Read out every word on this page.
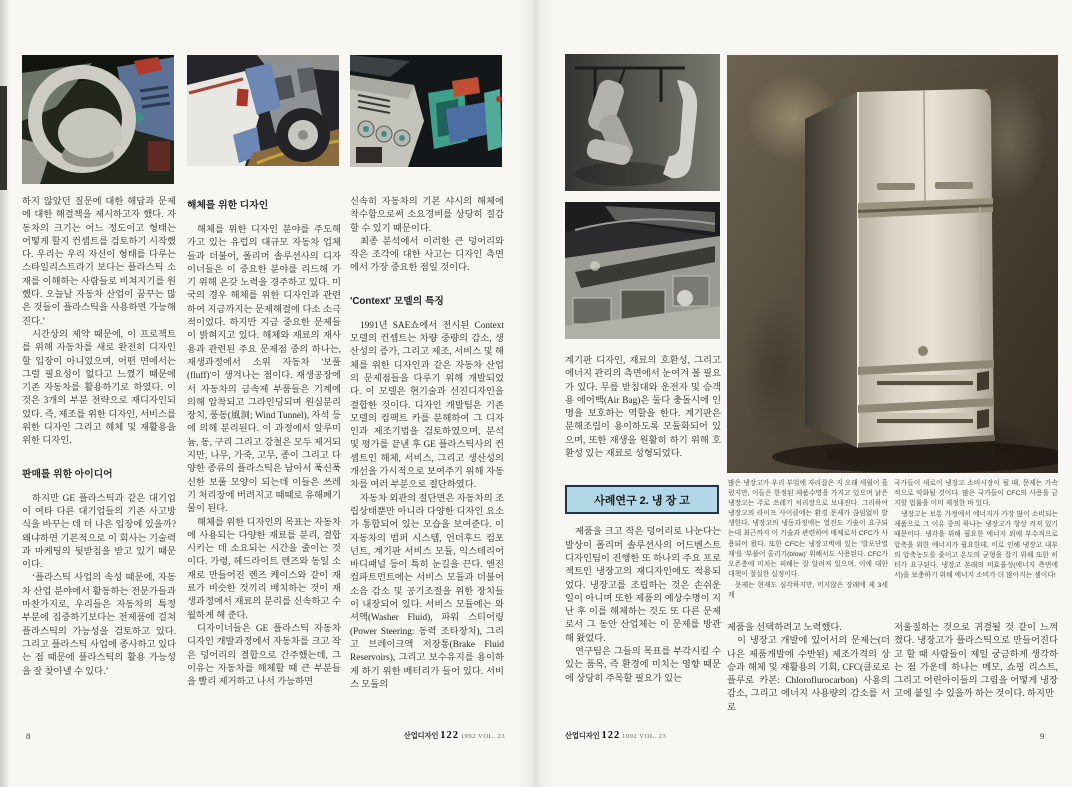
하지 않았던 질문에 대한 해답과 문제에 대한 해결책을 제시하고자 했다. 자동차의 크기는 어느 정도이고 형태는 어떻게 할지 컨셉트를 검토하기 시작했다. 우리는 우리 자신이 형태를 다루는 스타일리스트라기 보다는 플라스틱 소재를 이해하는 사람들로 비쳐지기를 원했다. 오늘날 자동차 산업이 꿈꾸는 많은 것들이 플라스틱을 사용하면 가능해진다.’

시간상의 제약 때문에, 이 프로젝트를 위해 자동차를 새로 완전히 디자인할 입장이 아니었으며, 어떤 면에서는 그럴 필요성이 없다고 느꼈기 때문에 기존 자동차를 활용하기로 하였다. 이것은 3개의 부분 전략으로 재디자인되었다. 즉, 제조를 위한 디자인, 서비스를 위한 디자인 그리고 해체 및 재활용을 위한 디자인.

판매를 위한 아이디어

하지만 GE 플라스틱과 같은 대기업이 여타 다른 대기업들의 기존 사고방식을 바꾸는 데 더 나은 입장에 있을까? 왜냐하면 기본적으로 이 회사는 기술력과 마케팅의 뒷받침을 받고 있기 때문이다.

‘플라스틱 사업의 속성 때문에, 자동차 산업 분야에서 활동하는 전문가들과 마찬가지로, 우리들은 자동차의 특정 부분에 집중하기보다는 전제품에 걸쳐 플라스틱의 가능성을 검토하고 있다. 그리고 플라스틱 사업에 종사하고 있다는 점 때문에 플라스틱의 활용 가능성을 잘 찾아낼 수 있다.’

해체를 위한 디자인

해체를 위한 디자인 분야를 주도해 가고 있는 유럽의 대규모 자동차 업체들과 더불어, 폴리머 솔루션사의 디자이너들은 이 중요한 분야를 리드해 가기 위해 온갖 노력을 경주하고 있다. 미국의 경우 해체를 위한 디자인과 관련하여 지금까지는 문제해결에 다소 소극적이었다. 하지만 지금 중요한 문제들이 밝혀지고 있다. 해체와 재료의 재사용과 관련된 주요 문제점 중의 하나는, 재생과정에서 소위 자동차 '보풀(fluff)'이 생겨나는 점이다. 재생공장에서 자동차의 금속제 부품들은 기계에 의해 압착되고 그라인딩되며 원심분리장치, 풍동(風洞; Wind Tunnel), 자석 등에 의해 분리된다. 이 과정에서 알루미늄, 동, 구리 그리고 강철은 모두 제거되지만, 나무, 가죽, 고무, 종이 그리고 다양한 종류의 플라스틱은 남아서 푹신푹신한 보풀 모양이 되는데 이들은 쓰레기 처리장에 버려지고 때때로 유해폐기물이 된다.

해체를 위한 디자인의 목표는 자동차에 사용되는 다양한 재료를 분리, 결합시키는 데 소요되는 시간을 줄이는 것이다. 가령, 헤드라이트 렌즈와 동일 소재로 만들어진 렌즈 케이스와 같이 재료가 비슷한 것끼리 배치하는 것이 재생과정에서 재료의 분리를 신속하고 수월하게 해 준다.

디자이너들은 GE 플라스틱 자동차 디자인 개발과정에서 자동차를 크고 작은 덩어리의 결합으로 간주했는데, 그 이유는 자동차를 해체할 때 큰 부분들을 빨리 제거하고 나서 가능하면

신속히 자동차의 기본 샤시의 해체에 착수함으로써 소요경비를 상당히 절감할 수 있기 때문이다.

최종 분석에서 이러한 큰 덩어리와 작은 조각에 대한 사고는 디자인 측면에서 가장 중요한 점일 것이다.

'Context' 모델의 특징

1991년 SAE쇼에서 전시된 Context 모델의 컨셉트는 차량 중량의 감소, 생산성의 증가, 그리고 제조, 서비스 및 해체를 위한 디자인과 같은 자동차 산업의 문제점들을 다루기 위해 개발되었다. 이 모델은 현기술과 선진디자인을 결합한 것이다. 디자인 개발팀은 기존 모델의 컴팩트 카를 분해하여 그 디자인과 제조기법을 검토하였으며, 분석 및 평가를 끝낸 후 GE 플라스틱사의 컨셉트인 해체, 서비스, 그리고 생산성의 개선을 가시적으로 보여주기 위해 자동차를 여러 부분으로 절단하였다.

자동차 외관의 절단면은 자동차의 조립상태뿐만 아니라 다양한 디자인 요소가 통합되어 있는 모습을 보여준다. 이 자동차의 범퍼 시스템, 언더후드 컴포넌트, 계기판 서비스 모듈, 익스테리어 바디패널 등이 특히 눈길을 끈다. 엔진 컴파트먼트에는 서비스 모듈과 더불어 소음 감소 및 공기조절을 위한 장치들이 내장되어 있다. 서비스 모듈에는 와셔액(Washer Fluid), 파워 스티어링(Power Steering: 동력 조타장치), 그리고 브레이크액 저장통(Brake Fluid Reservoirs), 그리고 보수유지를 용이하게 하기 위한 배터리가 들어 있다. 서비스 모듈의

8	산업디자인 122 1992 VOL. 23

계기판 디자인, 재료의 호환성, 그리고 에너지 관리의 측면에서 눈여겨 볼 필요가 있다. 무릎 받침대와 운전자 및 승객용 에어백(Air Bag)은 둘다 충돌시에 인명을 보호하는 역할을 한다. 계기판은 분해조립이 용이하도록 모듈화되어 있으며, 또한 재생을 원활히 하기 위해 호환성 있는 재료로 성형되었다.

사례연구 2. 냉 장 고

제품을 크고 작은 덩어리로 나눈다는 발상이 폴리머 솔루션사의 어드벤스트 디자인팀이 진행한 또 하나의 주요 프로젝트인 냉장고의 재디자인에도 적용되었다. 냉장고를 조립하는 것은 손쉬운 일이 아니며 또한 제품의 예상수명이 지난 후 이를 해체하는 것도 또 다른 문제로서 그 동안 산업체는 이 문제를 방관해 왔었다.

연구팀은 그들의 목표를 부각시킬 수 있는 품목, 즉 환경에 미치는 영향 때문에 상당히 주목할 필요가 있는

많은 냉장고가 우리 부엌에 자리잡은 지 오래 세월이 흘렀지만, 이들은 한정된 제품수명을 가지고 있으며 낡은 냉장고는 주로 쓰레기 처리장으로 보내진다. 그리하여 냉장고의 라이프 사이클에는 환경 문제가 끊임없이 발생한다. 냉장고의 냉동과정에는 열전도 기술이 요구되는데 최근까지 이 기술과 관련하여 매체로서 CFC가 사용되어 왔다. 또한 CFC는 냉장고벽에 있는 '발포단열재'를 '부풀어 올리기(blow)' 위해서도 사용된다. CFC가 오존층에 미치는 피해는 잘 알려져 있으며, 이에 대한 대책이 절실한 실정이다.

문제는 현재도 심각하지만, 머지않은 장래에 제 3세계

국가들이 새로이 냉장고 소비시장이 될 때, 문제는 가속적으로 악화될 것이다. 많은 국가들이 CFC의 사용을 금지할 법률을 이미 제정한 바 있다.

냉장고는 보통 가정에서 에너지가 가장 많이 소비되는 제품으로 그 이유 중의 하나는 냉장고가 항상 켜져 있기 때문이다. 냉각을 위해 필요한 에너지 외에 부수적으로 압축을 위한 에너지가 필요한데, 이로 인해 냉장고 내부의 압축농도를 줄이고 온도의 균형을 잡기 위해 또한 히터가 요구된다. 냉장고 본래의 비효율성(에너지 측면에서)을 보충하기 위해 에너지 소비가 더 많아지는 셈이다!

제품을 선택하려고 노력했다.

이 냉장고 개발에 있어서의 문제는(더 나은 제품개발에 수반된) 제조가격의 상승과 해체 및 재활용의 기회, CFC(클로로플루로 카본: Chloroflurocarbon) 사용의 감소, 그리고 에너지 사용량의 감소를 서로

저울질하는 것으로 귀결될 것 같이 느껴졌다. 냉장고가 플라스틱으로 만들어진다고 할 때 사람들이 제일 궁금하게 생각하는 점 가운데 하나는 메모, 쇼핑 리스트, 그리고 어린아이들의 그림을 어떻게 냉장고에 붙일 수 있을까 하는 것이다. 하지만

산업디자인 122 1992 VOL. 23	9
